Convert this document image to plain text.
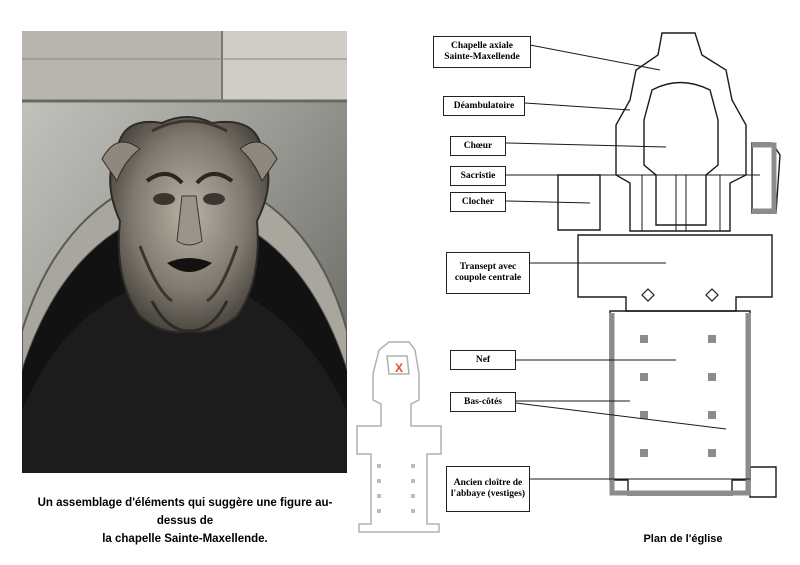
Un assemblage d'éléments qui suggère une figure au-dessus de
la chapelle Sainte-Maxellende.
X
Chapelle axiale Sainte-Maxellende
Déambulatoire
Chœur
Sacristie
Clocher
Transept avec coupole centrale
Nef
Bas-côtés
Ancien cloître de l'abbaye (vestiges)
Plan de l'église
